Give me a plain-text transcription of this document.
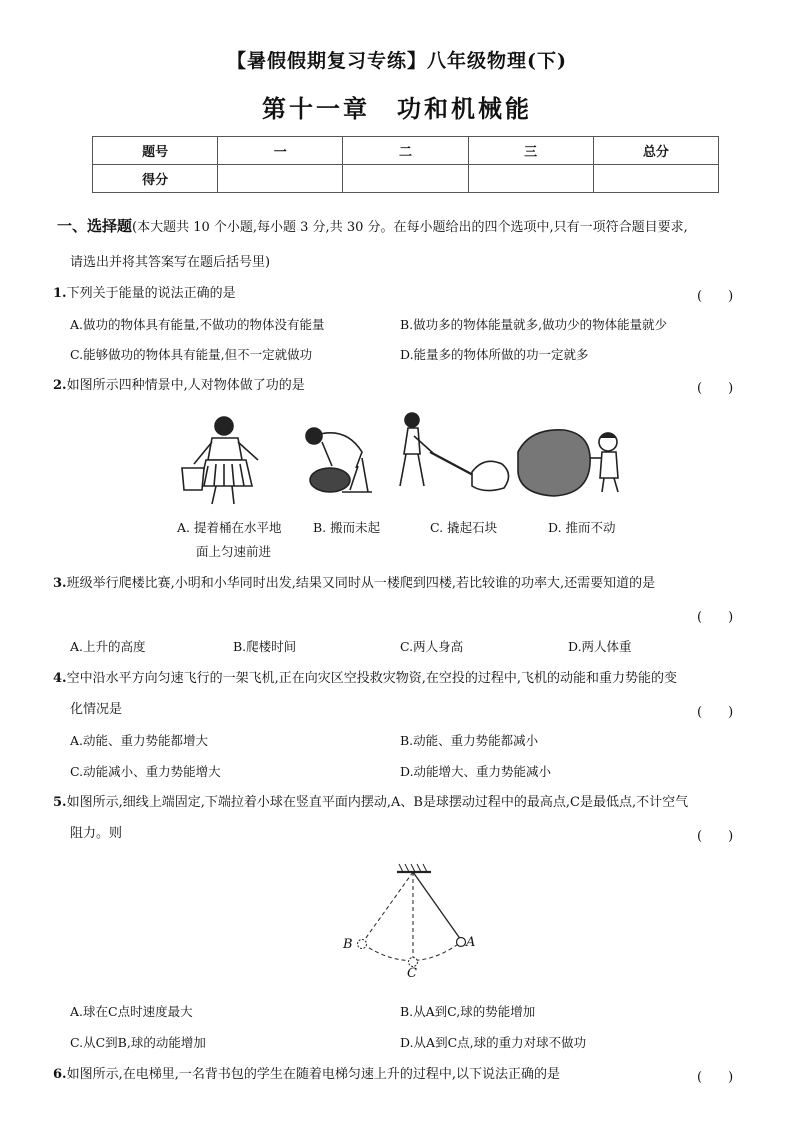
【暑假假期复习专练】八年级物理(下)
第十一章　功和机械能
题号	一	二	三	总分
得分				
一、选择题(本大题共 10 个小题,每小题 3 分,共 30 分。在每小题给出的四个选项中,只有一项符合题目要求,
请选出并将其答案写在题后括号里)
1.下列关于能量的说法正确的是	(　　)
A.做功的物体具有能量,不做功的物体没有能量	B.做功多的物体能量就多,做功少的物体能量就少
C.能够做功的物体具有能量,但不一定就做功	D.能量多的物体所做的功一定就多
2.如图所示四种情景中,人对物体做了功的是	(　　)
A. 提着桶在水平地
面上匀速前进
B. 搬而未起	C. 撬起石块	D. 推而不动
3.班级举行爬楼比赛,小明和小华同时出发,结果又同时从一楼爬到四楼,若比较谁的功率大,还需要知道的是
(　　)
A.上升的高度	B.爬楼时间	C.两人身高	D.两人体重
4.空中沿水平方向匀速飞行的一架飞机,正在向灾区空投救灾物资,在空投的过程中,飞机的动能和重力势能的变
化情况是	(　　)
A.动能、重力势能都增大	B.动能、重力势能都减小
C.动能减小、重力势能增大	D.动能增大、重力势能减小
5.如图所示,细线上端固定,下端拉着小球在竖直平面内摆动,A、B是球摆动过程中的最高点,C是最低点,不计空气
阻力。则	(　　)
A
B
C
A.球在C点时速度最大	B.从A到C,球的势能增加
C.从C到B,球的动能增加	D.从A到C点,球的重力对球不做功
6.如图所示,在电梯里,一名背书包的学生在随着电梯匀速上升的过程中,以下说法正确的是	(　　)
